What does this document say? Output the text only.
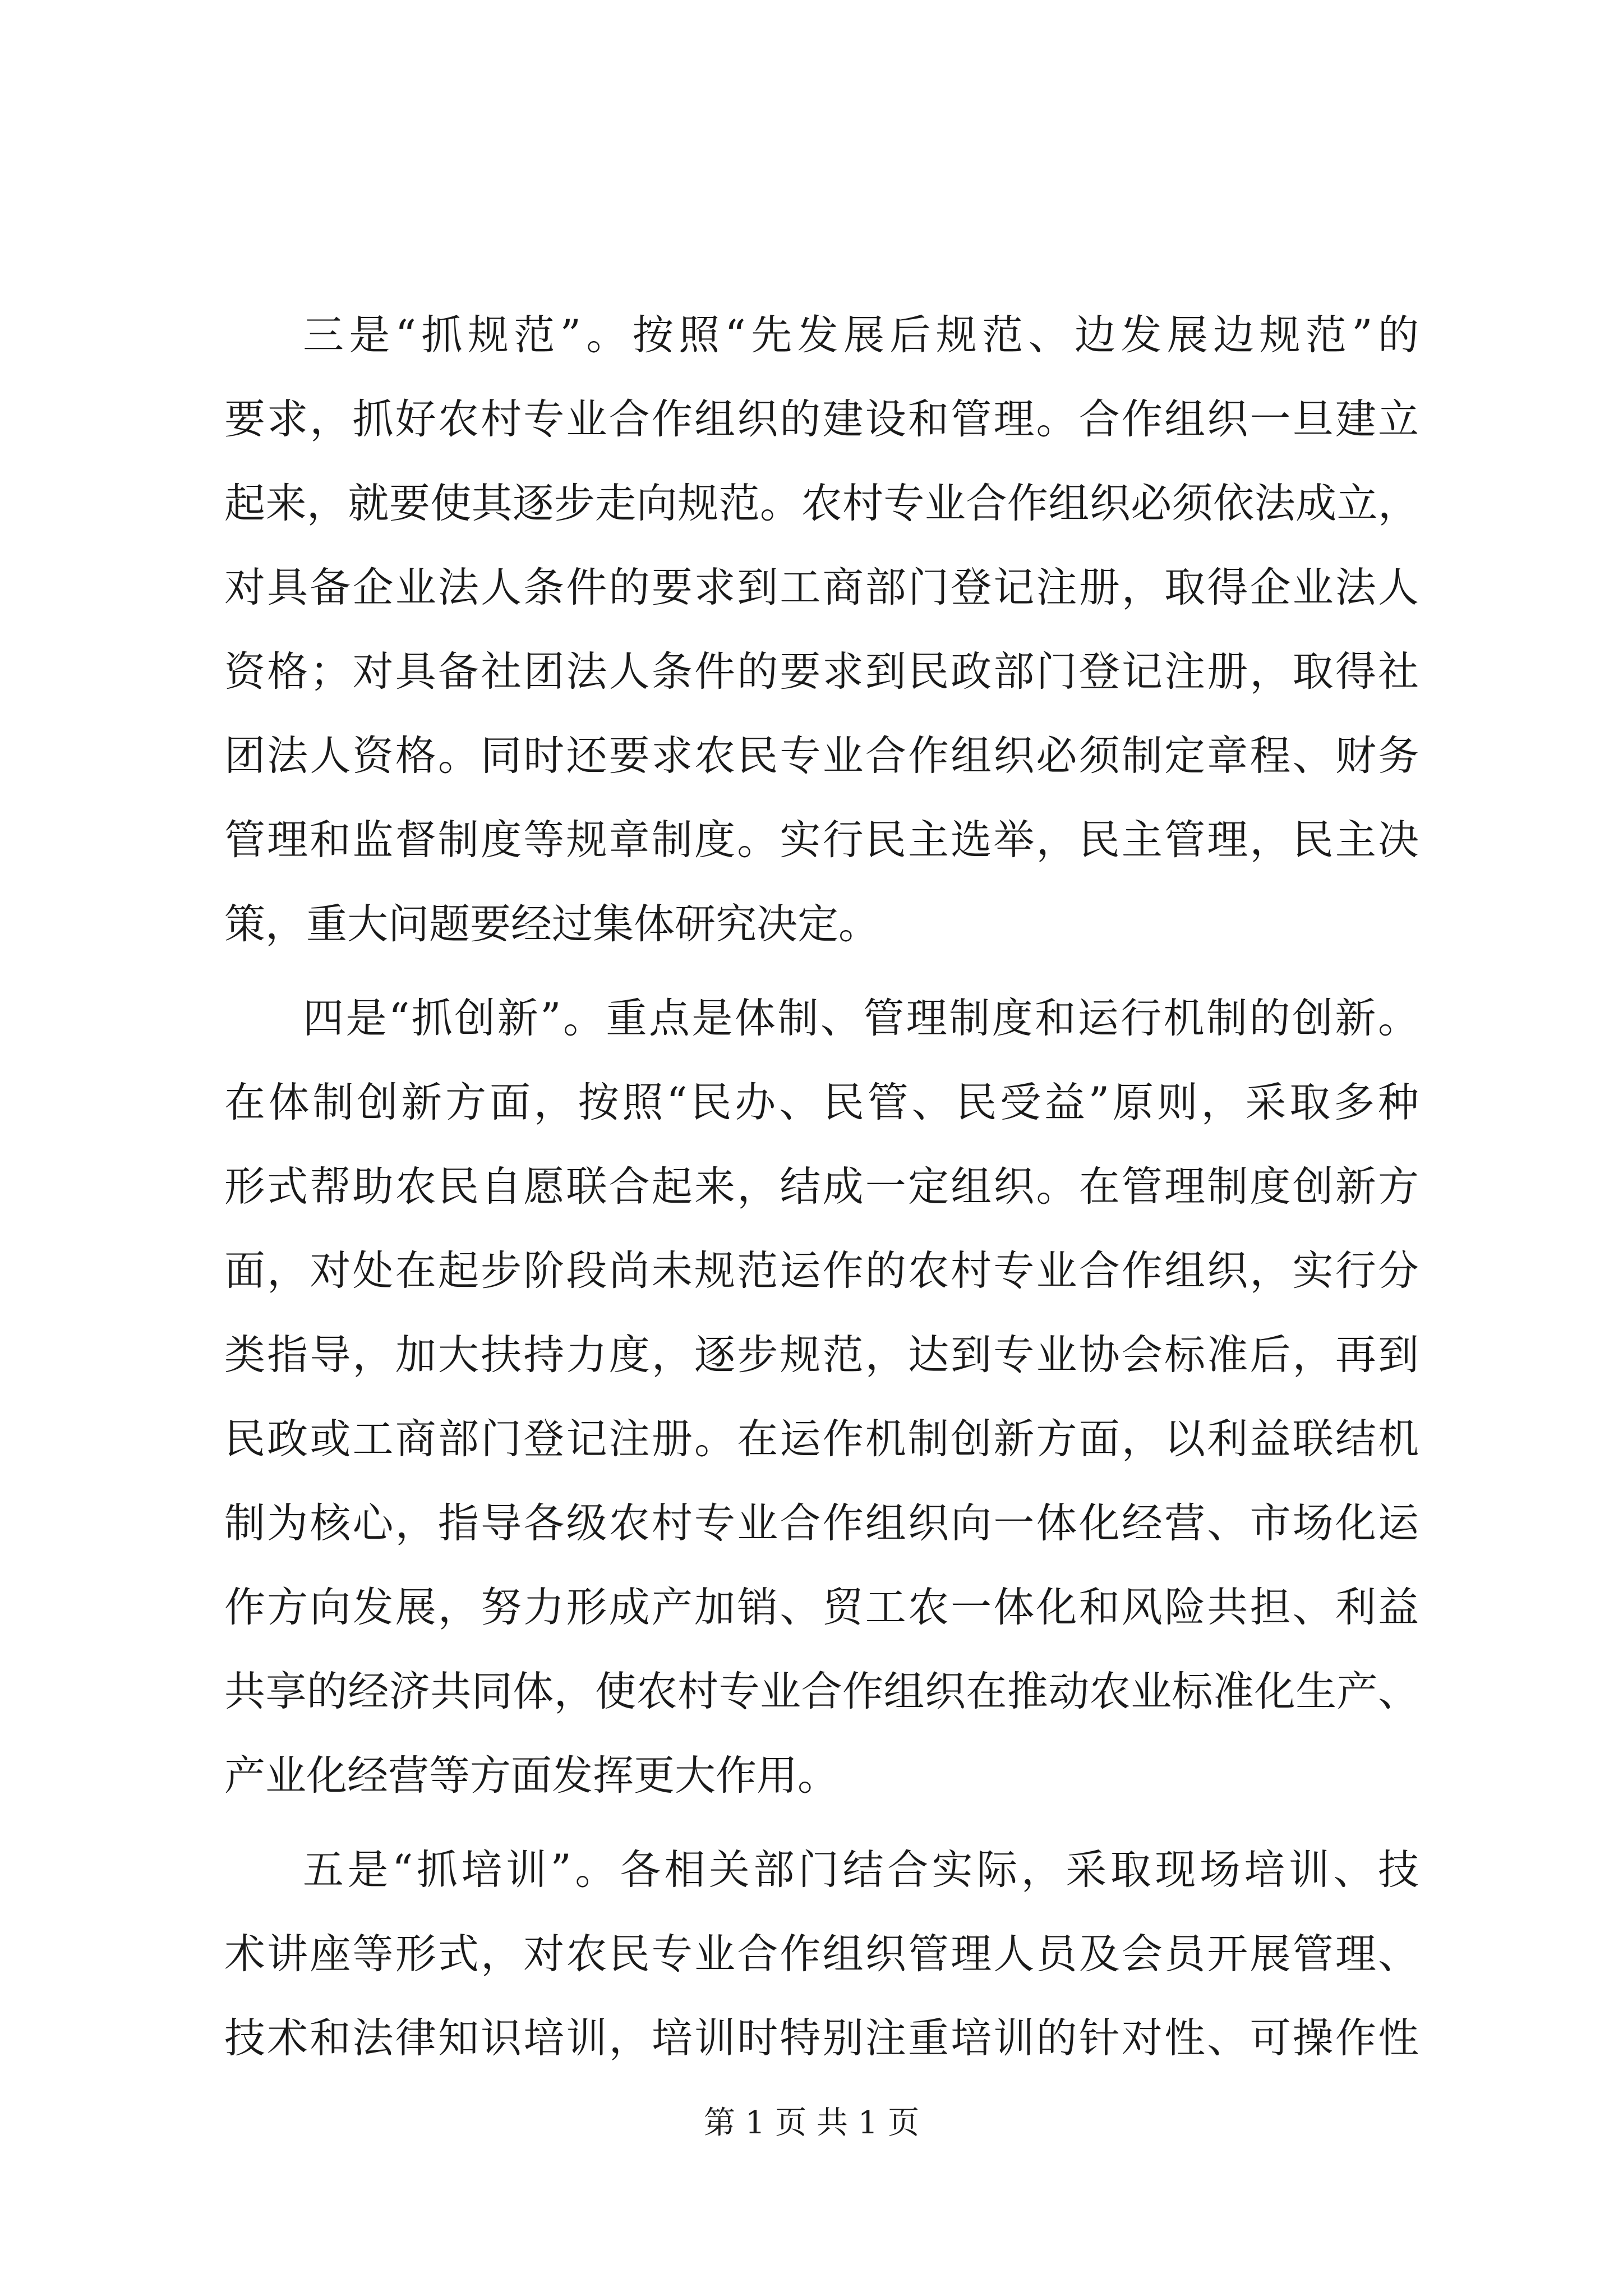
三是“抓规范”。按照“先发展后规范、边发展边规范”的
要求，抓好农村专业合作组织的建设和管理。合作组织一旦建立
起来，就要使其逐步走向规范。农村专业合作组织必须依法成立，
对具备企业法人条件的要求到工商部门登记注册，取得企业法人
资格；对具备社团法人条件的要求到民政部门登记注册，取得社
团法人资格。同时还要求农民专业合作组织必须制定章程、财务
管理和监督制度等规章制度。实行民主选举，民主管理，民主决
策，重大问题要经过集体研究决定。
四是“抓创新”。重点是体制、管理制度和运行机制的创新。
在体制创新方面，按照“民办、民管、民受益”原则，采取多种
形式帮助农民自愿联合起来，结成一定组织。在管理制度创新方
面，对处在起步阶段尚未规范运作的农村专业合作组织，实行分
类指导，加大扶持力度，逐步规范，达到专业协会标准后，再到
民政或工商部门登记注册。在运作机制创新方面，以利益联结机
制为核心，指导各级农村专业合作组织向一体化经营、市场化运
作方向发展，努力形成产加销、贸工农一体化和风险共担、利益
共享的经济共同体，使农村专业合作组织在推动农业标准化生产、
产业化经营等方面发挥更大作用。
五是“抓培训”。各相关部门结合实际，采取现场培训、技
术讲座等形式，对农民专业合作组织管理人员及会员开展管理、
技术和法律知识培训，培训时特别注重培训的针对性、可操作性
第 1 页 共 1 页
